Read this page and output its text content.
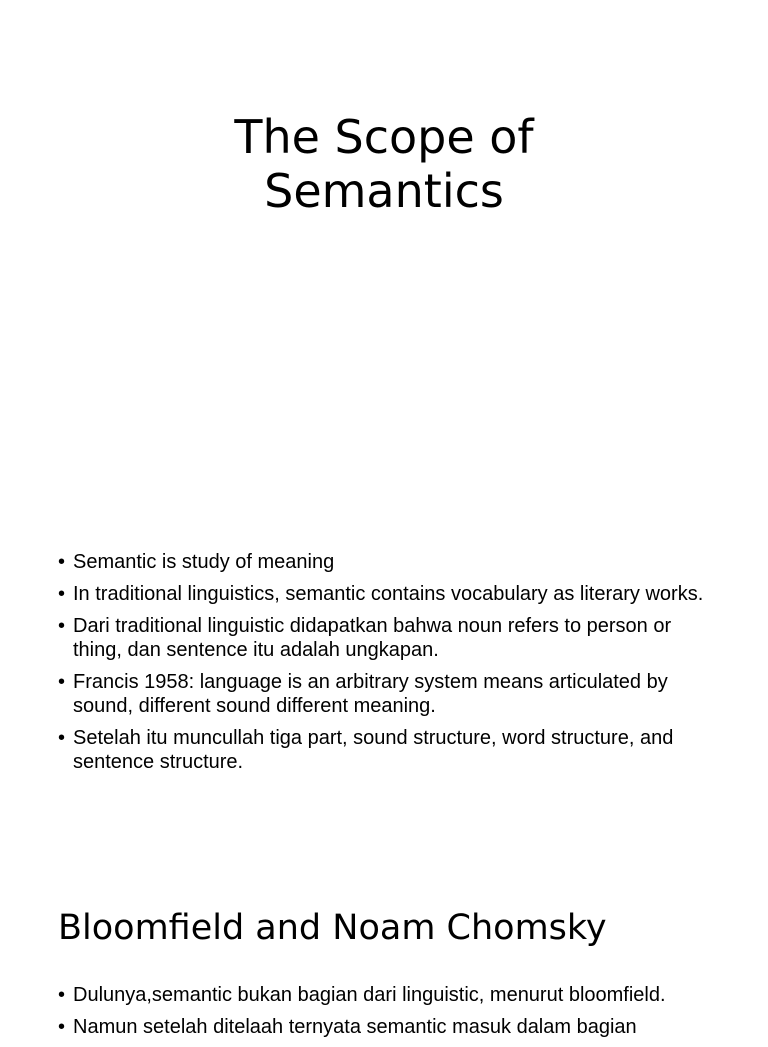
The Scope of
Semantics
• Semantic is study of meaning
• In traditional linguistics, semantic contains vocabulary as literary works.
• Dari traditional linguistic didapatkan bahwa noun refers to person or thing, dan sentence itu adalah ungkapan.
• Francis 1958: language is an arbitrary system means articulated by sound, different sound different meaning.
• Setelah itu muncullah tiga part, sound structure, word structure, and sentence structure.
Bloomfield and Noam Chomsky
• Dulunya,semantic bukan bagian dari linguistic, menurut bloomfield.
• Namun setelah ditelaah ternyata semantic masuk dalam bagian
